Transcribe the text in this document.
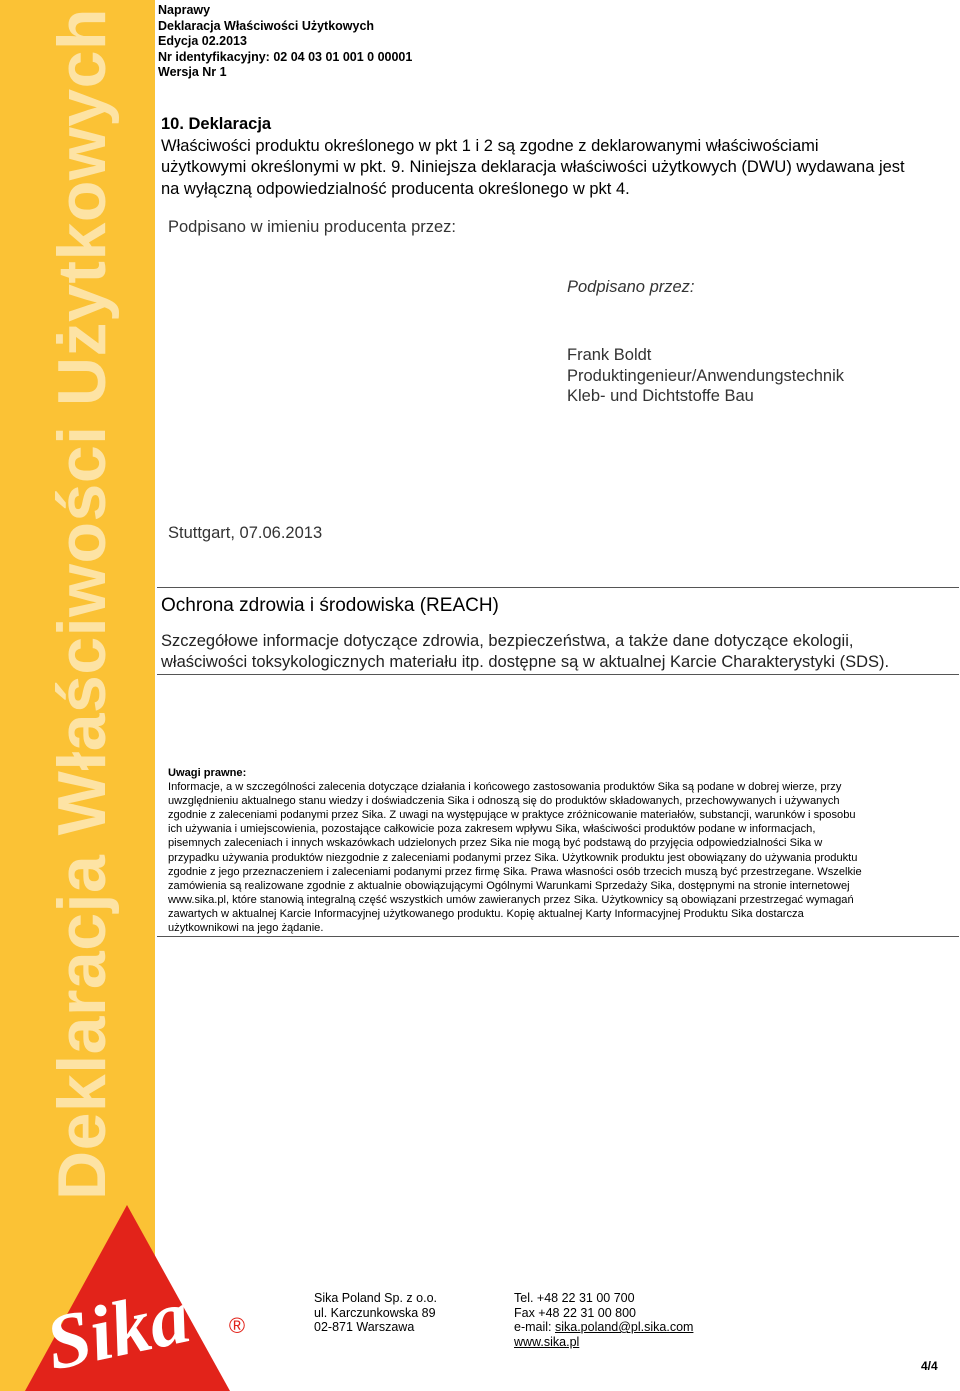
Deklaracja Właściwości Użytkowych
Sika ®
Naprawy
Deklaracja Właściwości Użytkowych
Edycja 02.2013
Nr identyfikacyjny: 02 04 03 01 001 0 00001
Wersja Nr 1
10. Deklaracja
Właściwości produktu określonego w pkt 1 i 2 są zgodne z deklarowanymi właściwościami
użytkowymi określonymi w pkt. 9. Niniejsza deklaracja właściwości użytkowych (DWU) wydawana jest
na wyłączną odpowiedzialność producenta określonego w pkt 4.
Podpisano w imieniu producenta przez:
Podpisano przez:
Frank Boldt
Produktingenieur/Anwendungstechnik
Kleb- und Dichtstoffe Bau
Stuttgart, 07.06.2013
Ochrona zdrowia i środowiska (REACH)
Szczegółowe informacje dotyczące zdrowia, bezpieczeństwa, a także dane dotyczące ekologii,
właściwości toksykologicznych materiału itp. dostępne są w aktualnej Karcie Charakterystyki (SDS).
Uwagi prawne:
Informacje, a w szczególności zalecenia dotyczące działania i końcowego zastosowania produktów Sika są podane w dobrej wierze, przy
uwzględnieniu aktualnego stanu wiedzy i doświadczenia Sika i odnoszą się do produktów składowanych, przechowywanych i używanych
zgodnie z zaleceniami podanymi przez Sika. Z uwagi na występujące w praktyce zróżnicowanie materiałów, substancji, warunków i sposobu
ich używania i umiejscowienia, pozostające całkowicie poza zakresem wpływu Sika, właściwości produktów podane w informacjach,
pisemnych zaleceniach i innych wskazówkach udzielonych przez Sika nie mogą być podstawą do przyjęcia odpowiedzialności Sika w
przypadku używania produktów niezgodnie z zaleceniami podanymi przez Sika. Użytkownik produktu jest obowiązany do używania produktu
zgodnie z jego przeznaczeniem i zaleceniami podanymi przez firmę Sika. Prawa własności osób trzecich muszą być przestrzegane. Wszelkie
zamówienia są realizowane zgodnie z aktualnie obowiązującymi Ogólnymi Warunkami Sprzedaży Sika, dostępnymi na stronie internetowej
www.sika.pl, które stanowią integralną część wszystkich umów zawieranych przez Sika. Użytkownicy są obowiązani przestrzegać wymagań
zawartych w aktualnej Karcie Informacyjnej użytkowanego produktu. Kopię aktualnej Karty Informacyjnej Produktu Sika dostarcza
użytkownikowi na jego żądanie.
Sika Poland Sp. z o.o.
ul. Karczunkowska 89
02-871 Warszawa
Tel. +48 22 31 00 700
Fax +48 22 31 00 800
e-mail: sika.poland@pl.sika.com
www.sika.pl
4/4
